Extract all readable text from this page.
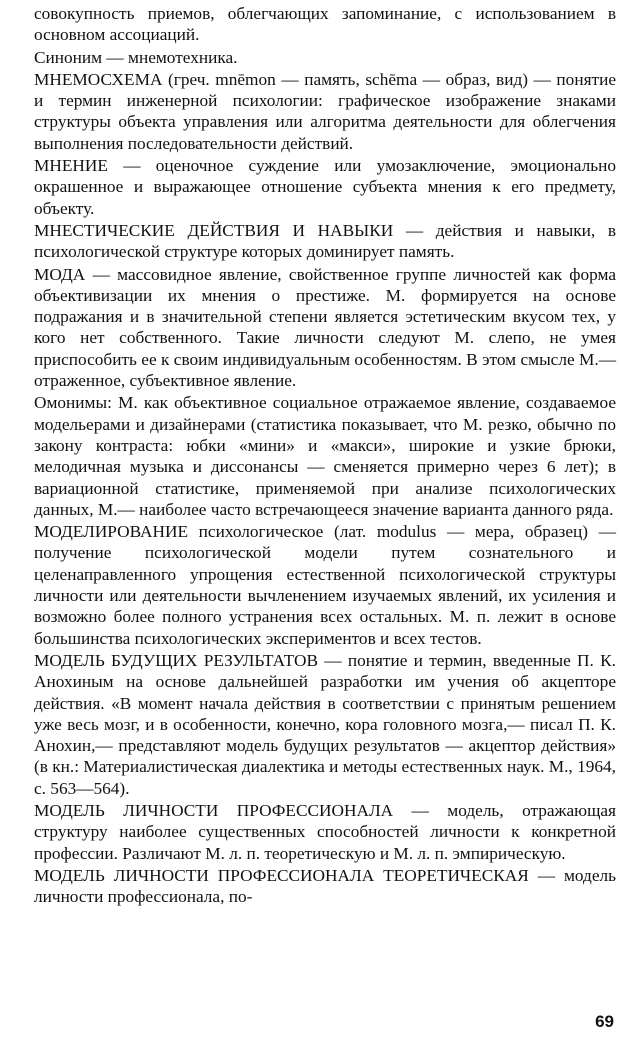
совокупность приемов, облегчающих запоминание, с использованием в основном ассоциаций.

Синоним — мнемотехника.

МНЕМОСХЕМА (греч. mnēmon — память, schēma — образ, вид) — понятие и термин инженерной психологии: графическое изображение знаками структуры объекта управления или алгоритма деятельности для облегчения выполнения последовательности действий.

МНЕНИЕ — оценочное суждение или умозаключение, эмоционально окрашенное и выражающее отношение субъекта мнения к его предмету, объекту.

МНЕСТИЧЕСКИЕ ДЕЙСТВИЯ И НАВЫКИ — действия и навыки, в психологической структуре которых доминирует память.

МОДА — массовидное явление, свойственное группе личностей как форма объективизации их мнения о престиже. М. формируется на основе подражания и в значительной степени является эстетическим вкусом тех, у кого нет собственного. Такие личности следуют М. слепо, не умея приспособить ее к своим индивидуальным особенностям. В этом смысле М.— отраженное, субъективное явление.

Омонимы: М. как объективное социальное отражаемое явление, создаваемое модельерами и дизайнерами (статистика показывает, что М. резко, обычно по закону контраста: юбки «мини» и «макси», широкие и узкие брюки, мелодичная музыка и диссонансы — сменяется примерно через 6 лет); в вариационной статистике, применяемой при анализе психологических данных, М.— наиболее часто встречающееся значение варианта данного ряда.

МОДЕЛИРОВАНИЕ психологическое (лат. modulus — мера, образец) — получение психологической модели путем сознательного и целенаправленного упрощения естественной психологической структуры личности или деятельности вычленением изучаемых явлений, их усиления и возможно более полного устранения всех остальных. М. п. лежит в основе большинства психологических экспериментов и всех тестов.

МОДЕЛЬ БУДУЩИХ РЕЗУЛЬТАТОВ — понятие и термин, введенные П. К. Анохиным на основе дальнейшей разработки им учения об акцепторе действия. «В момент начала действия в соответствии с принятым решением уже весь мозг, и в особенности, конечно, кора головного мозга,— писал П. К. Анохин,— представляют модель будущих результатов — акцептор действия» (в кн.: Материалистическая диалектика и методы естественных наук. М., 1964, с. 563—564).

МОДЕЛЬ ЛИЧНОСТИ ПРОФЕССИОНАЛА — модель, отражающая структуру наиболее существенных способностей личности к конкретной профессии. Различают М. л. п. теоретическую и М. л. п. эмпирическую.

МОДЕЛЬ ЛИЧНОСТИ ПРОФЕССИОНАЛА ТЕОРЕТИЧЕСКАЯ — модель личности профессионала, по-

69
